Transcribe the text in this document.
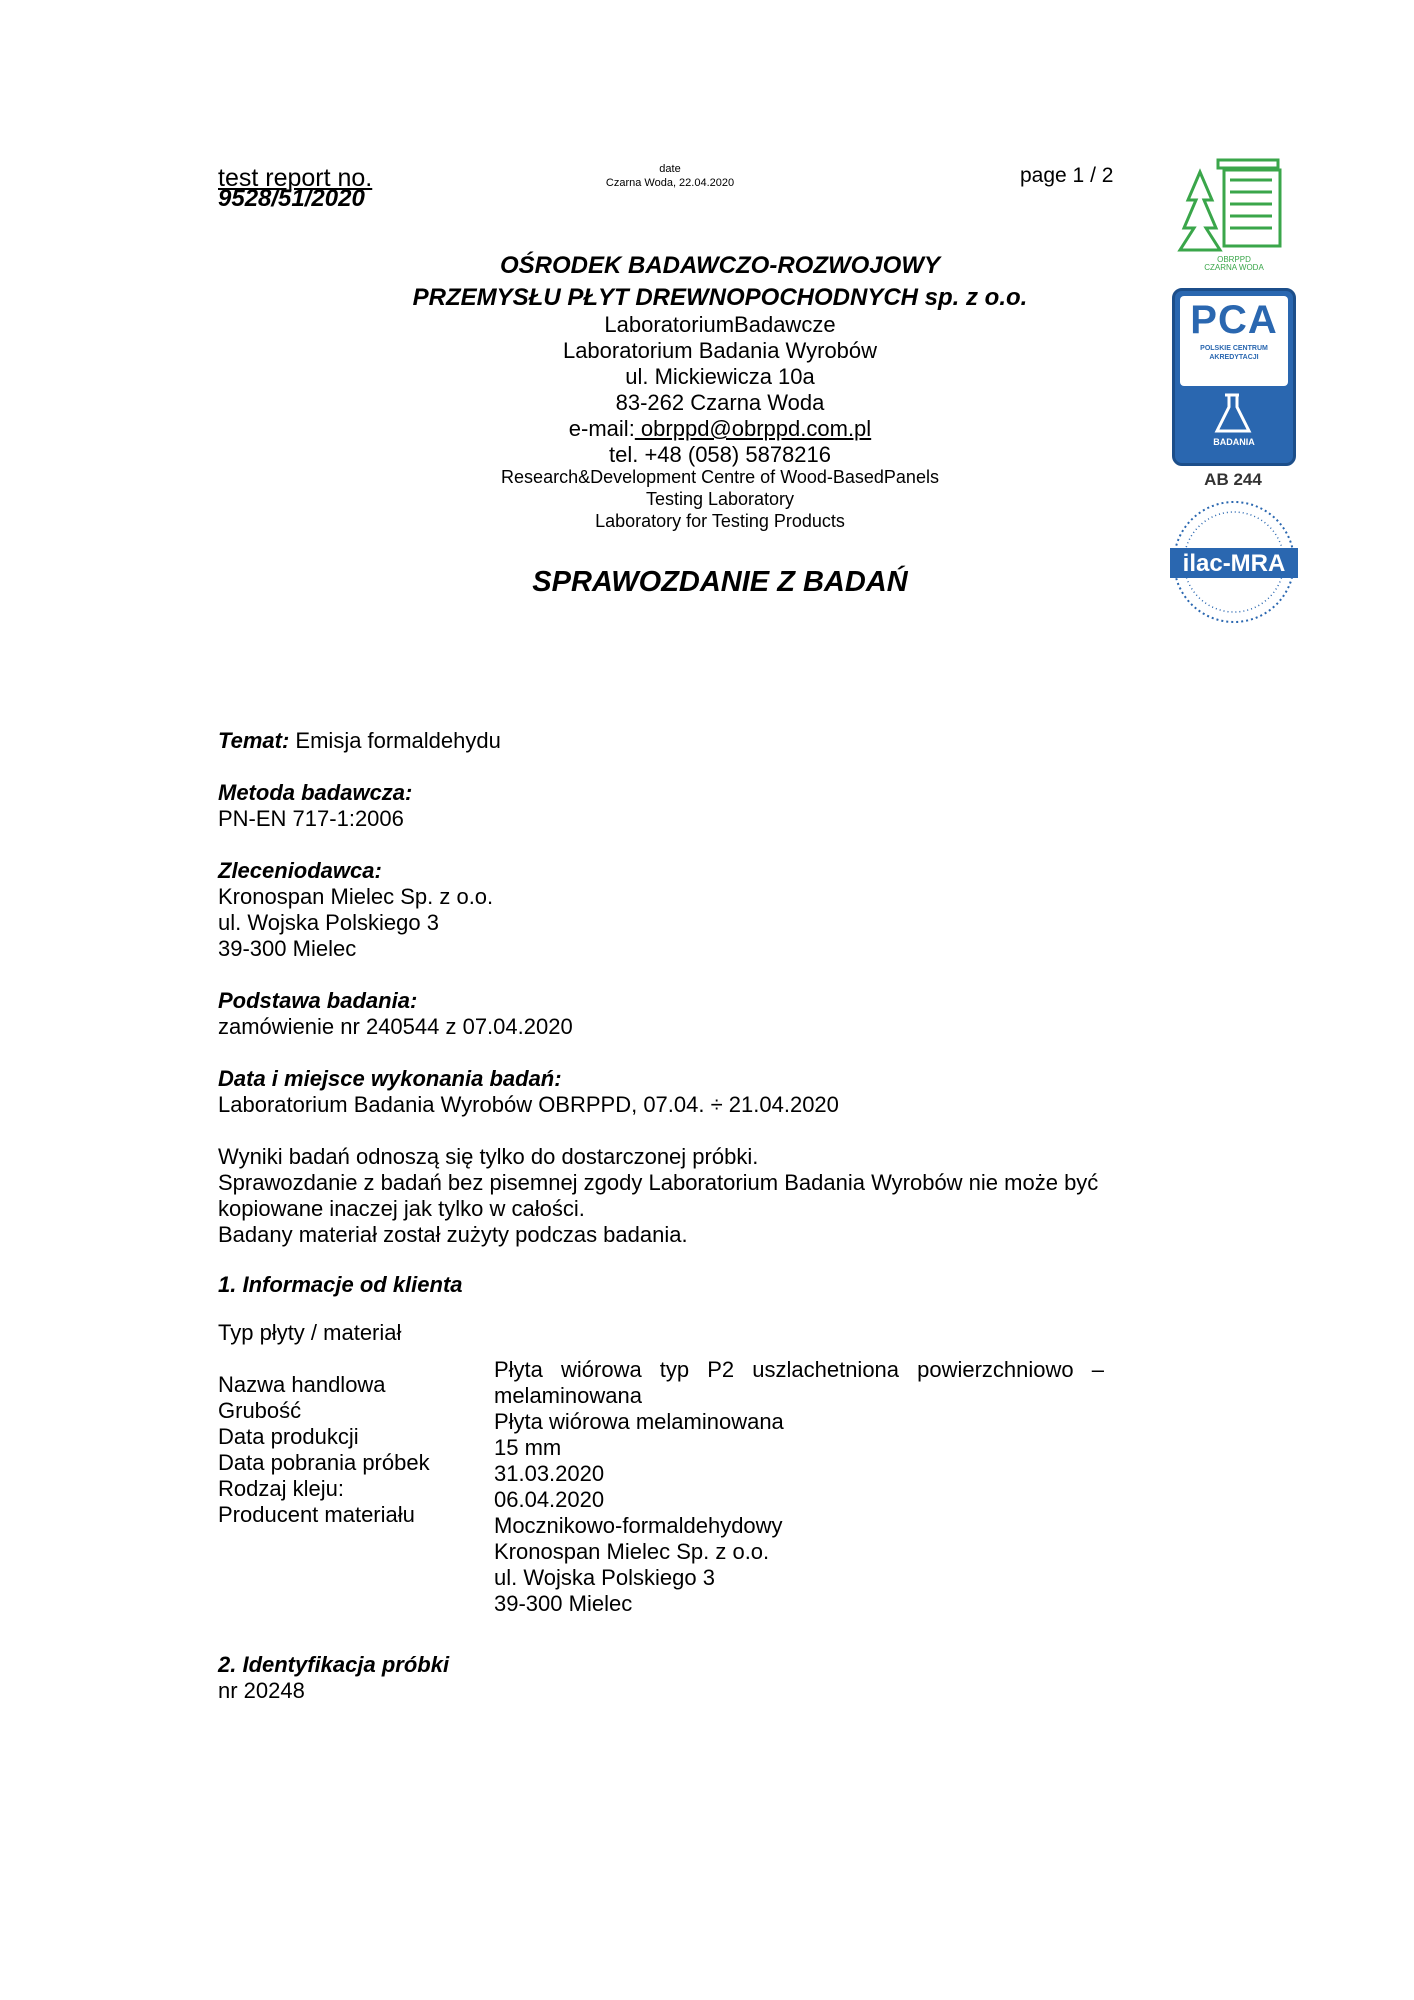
test report no.
9528/51/2020
date
Czarna Woda, 22.04.2020	page 1 / 2
OŚRODEK BADAWCZO-ROZWOJOWY
PRZEMYSŁU PŁYT DREWNOPOCHODNYCH sp. z o.o.
LaboratoriumBadawcze
Laboratorium Badania Wyrobów
ul. Mickiewicza 10a
83-262 Czarna Woda
e-mail: obrppd@obrppd.com.pl
tel. +48 (058) 5878216
Research&Development Centre of Wood-BasedPanels
Testing Laboratory
Laboratory for Testing Products
SPRAWOZDANIE Z BADAŃ
OBRPPD
CZARNA WODA
PCA
POLSKIE CENTRUM
AKREDYTACJI
BADANIA
AB 244
ilac-MRA
Temat: Emisja formaldehydu
Metoda badawcza:
PN-EN 717-1:2006
Zleceniodawca:
Kronospan Mielec Sp. z o.o.
ul. Wojska Polskiego 3
39-300 Mielec
Podstawa badania:
zamówienie nr 240544 z 07.04.2020
Data i miejsce wykonania badań:
Laboratorium Badania Wyrobów OBRPPD, 07.04. ÷ 21.04.2020
Wyniki badań odnoszą się tylko do dostarczonej próbki.
Sprawozdanie z badań bez pisemnej zgody Laboratorium Badania Wyrobów nie może być
kopiowane inaczej jak tylko w całości.
Badany materiał został zużyty podczas badania.
1. Informacje od klienta
Typ płyty / materiał
Nazwa handlowa
Grubość
Data produkcji
Data pobrania próbek
Rodzaj kleju:
Producent materiału
Płyta wiórowa typ P2 uszlachetniona powierzchniowo –
melaminowana
Płyta wiórowa melaminowana
15 mm
31.03.2020
06.04.2020
Mocznikowo-formaldehydowy
Kronospan Mielec Sp. z o.o.
ul. Wojska Polskiego 3
39-300 Mielec
2. Identyfikacja próbki
nr 20248
